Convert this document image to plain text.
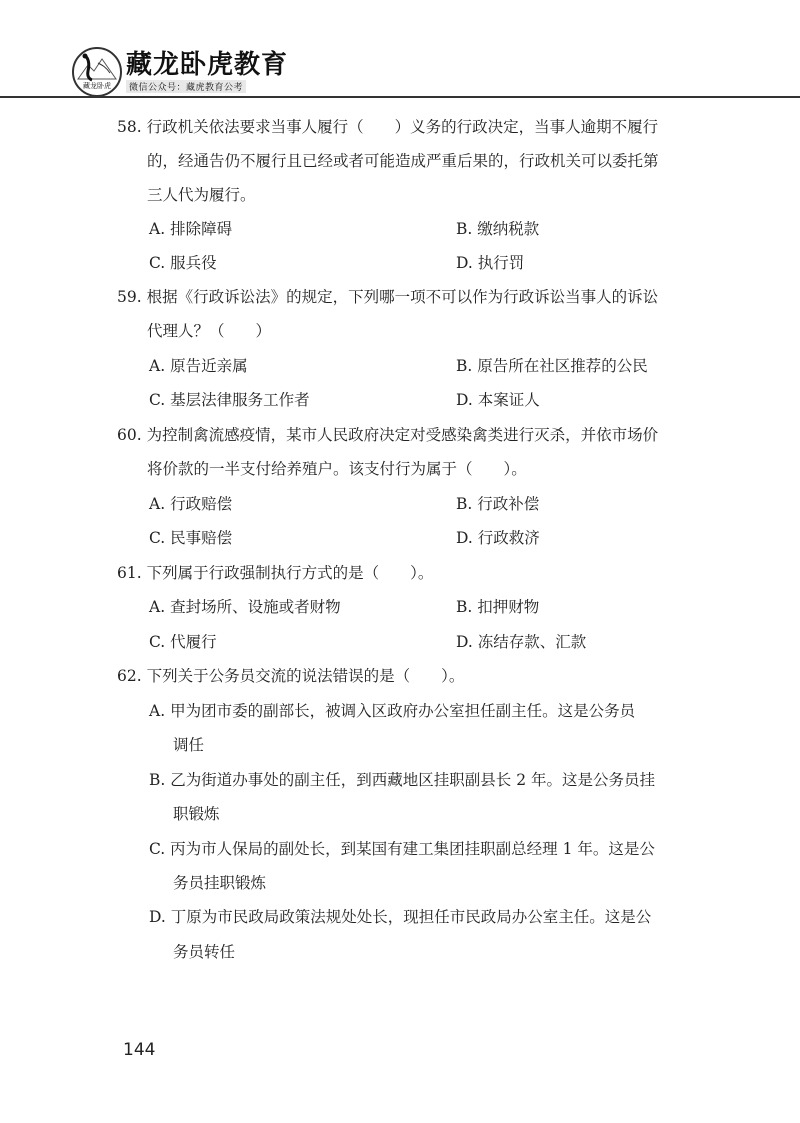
藏龙卧虎
藏龙卧虎教育
微信公众号：藏虎教育公考
58. 行政机关依法要求当事人履行（　　）义务的行政决定，当事人逾期不履行
的，经通告仍不履行且已经或者可能造成严重后果的，行政机关可以委托第
三人代为履行。
A. 排除障碍	B. 缴纳税款
C. 服兵役	D. 执行罚
59. 根据《行政诉讼法》的规定，下列哪一项不可以作为行政诉讼当事人的诉讼
代理人？（　　）
A. 原告近亲属	B. 原告所在社区推荐的公民
C. 基层法律服务工作者	D. 本案证人
60. 为控制禽流感疫情，某市人民政府决定对受感染禽类进行灭杀，并依市场价
将价款的一半支付给养殖户。该支付行为属于（　　）。
A. 行政赔偿	B. 行政补偿
C. 民事赔偿	D. 行政救济
61. 下列属于行政强制执行方式的是（　　）。
A. 查封场所、设施或者财物	B. 扣押财物
C. 代履行	D. 冻结存款、汇款
62. 下列关于公务员交流的说法错误的是（　　）。
A. 甲为团市委的副部长，被调入区政府办公室担任副主任。这是公务员
调任
B. 乙为街道办事处的副主任，到西藏地区挂职副县长 2 年。这是公务员挂
职锻炼
C. 丙为市人保局的副处长，到某国有建工集团挂职副总经理 1 年。这是公
务员挂职锻炼
D. 丁原为市民政局政策法规处处长，现担任市民政局办公室主任。这是公
务员转任
144
